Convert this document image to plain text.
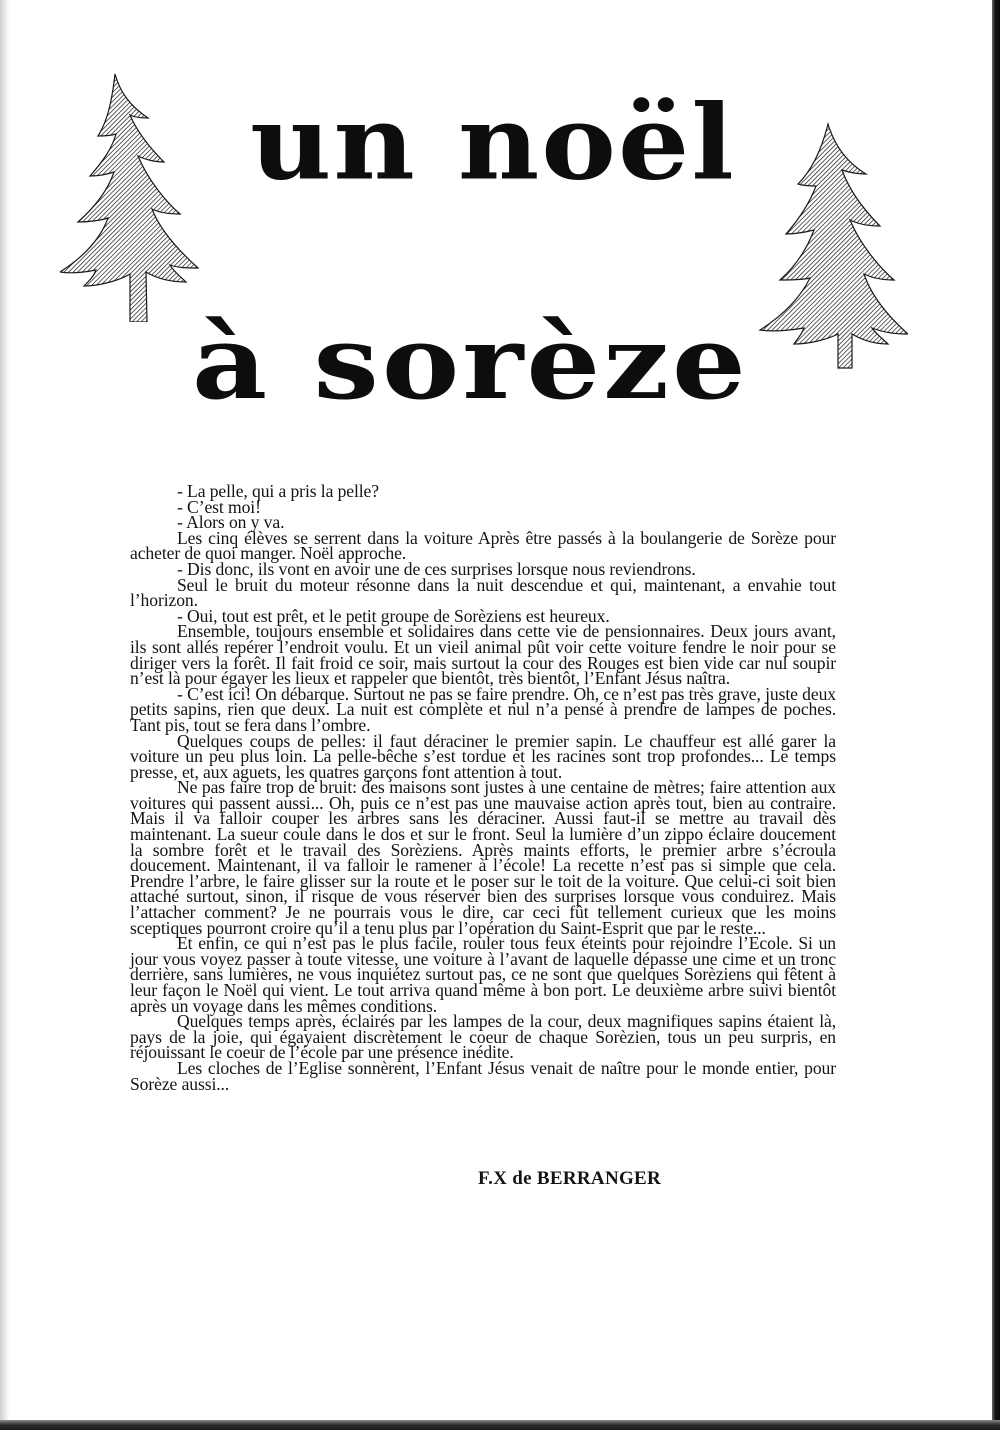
un noël
à sorèze

- La pelle, qui a pris la pelle?

- C’est moi!

- Alors on y va.

Les cinq élèves se serrent dans la voiture Après être passés à la boulangerie de Sorèze pour acheter de quoi manger. Noël approche.

- Dis donc, ils vont en avoir une de ces surprises lorsque nous reviendrons.

Seul le bruit du moteur résonne dans la nuit descendue et qui, maintenant, a envahie tout l’horizon.

- Oui, tout est prêt, et le petit groupe de Sorèziens est heureux.

Ensemble, toujours ensemble et solidaires dans cette vie de pensionnaires. Deux jours avant, ils sont allés repérer l’endroit voulu. Et un vieil animal pût voir cette voiture fendre le noir pour se diriger vers la forêt. Il fait froid ce soir, mais surtout la cour des Rouges est bien vide car nul soupir n’est là pour égayer les lieux et rappeler que bientôt, très bientôt, l’Enfant Jésus naîtra.

- C’est ici! On débarque. Surtout ne pas se faire prendre. Oh, ce n’est pas très grave, juste deux petits sapins, rien que deux. La nuit est complète et nul n’a pensé à prendre de lampes de poches. Tant pis, tout se fera dans l’ombre.

Quelques coups de pelles: il faut déraciner le premier sapin. Le chauffeur est allé garer la voiture un peu plus loin. La pelle-bêche s’est tordue et les racines sont trop profondes... Le temps presse, et, aux aguets, les quatres garçons font attention à tout.

Ne pas faire trop de bruit: des maisons sont justes à une centaine de mètres; faire attention aux voitures qui passent aussi... Oh, puis ce n’est pas une mauvaise action après tout, bien au contraire. Mais il va falloir couper les arbres sans les déraciner. Aussi faut-il se mettre au travail dès maintenant. La sueur coule dans le dos et sur le front. Seul la lumière d’un zippo éclaire doucement la sombre forêt et le travail des Sorèziens. Après maints efforts, le premier arbre s’écroula doucement. Maintenant, il va falloir le ramener à l’école! La recette n’est pas si simple que cela. Prendre l’arbre, le faire glisser sur la route et le poser sur le toit de la voiture. Que celui-ci soit bien attaché surtout, sinon, il risque de vous réserver bien des surprises lorsque vous conduirez. Mais l’attacher comment? Je ne pourrais vous le dire, car ceci fût tellement curieux que les moins sceptiques pourront croire qu’il a tenu plus par l’opération du Saint-Esprit que par le reste...

Et enfin, ce qui n’est pas le plus facile, rouler tous feux éteints pour rejoindre l’Ecole. Si un jour vous voyez passer à toute vitesse, une voiture à l’avant de laquelle dépasse une cime et un tronc derrière, sans lumières, ne vous inquiétez surtout pas, ce ne sont que quelques Sorèziens qui fêtent à leur façon le Noël qui vient. Le tout arriva quand même à bon port. Le deuxième arbre suivi bientôt après un voyage dans les mêmes conditions.

Quelques temps après, éclairés par les lampes de la cour, deux magnifiques sapins étaient là, pays de la joie, qui égayaient discrètement le coeur de chaque Sorèzien, tous un peu surpris, en réjouissant le coeur de l’école par une présence inédite.

Les cloches de l’Eglise sonnèrent, l’Enfant Jésus venait de naître pour le monde entier, pour Sorèze aussi...

F.X de BERRANGER
